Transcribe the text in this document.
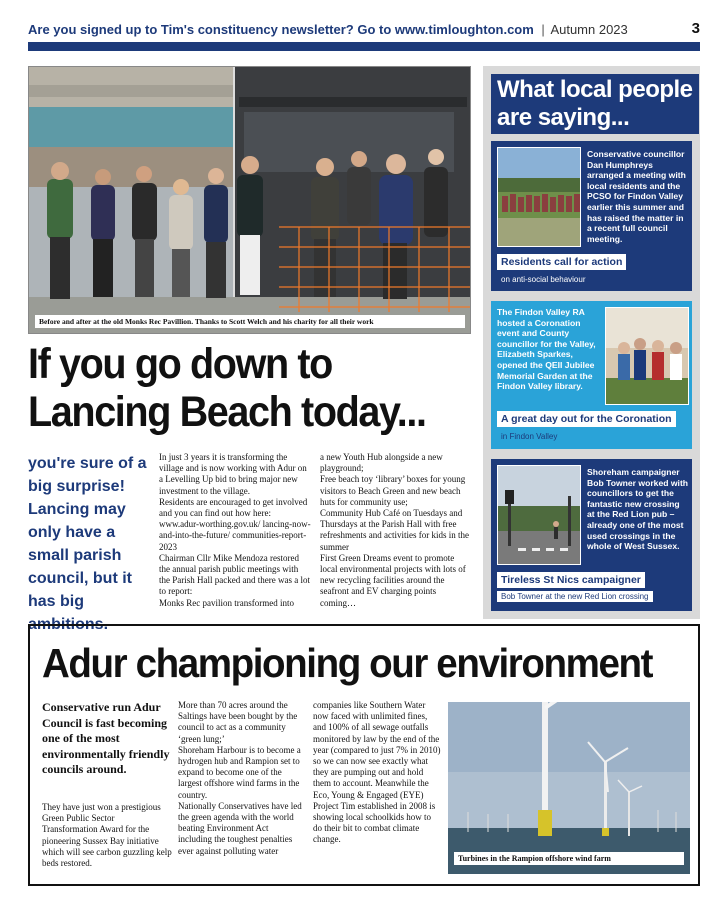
Are you signed up to Tim's constituency newsletter? Go to www.timloughton.com | Autumn 2023	3
Before and after at the old Monks Rec Pavillion. Thanks to Scott Welch and his charity for all their work
If you go down to
Lancing Beach today...
you're sure of a big surprise! Lancing may only have a small parish council, but it has big ambitions.

In just 3 years it is transforming the village and is now working with Adur on a Levelling Up bid to bring major new investment to the village.

Residents are encouraged to get involved and you can find out how here: www.adur-worthing.gov.uk/ lancing-now-and-into-the-future/ communities-report-2023

Chairman Cllr Mike Mendoza restored the annual parish public meetings with the Parish Hall packed and there was a lot to report:

Monks Rec pavilion transformed into

a new Youth Hub alongside a new playground;

Free beach toy ‘library’ boxes for young visitors to Beach Green and new beach huts for community use;

Community Hub Café on Tuesdays and Thursdays at the Parish Hall with free refreshments and activities for kids in the summer

First Green Dreams event to promote local environmental projects with lots of new recycling facilities around the seafront and EV charging points coming…

What local people
are saying...
Conservative councillor Dan Humphreys arranged a meeting with local residents and the PCSO for Findon Valley earlier this summer and has raised the matter in a recent full council meeting.
Residents call for action
on anti-social behaviour
The Findon Valley RA hosted a Coronation event and County councillor for the Valley, Elizabeth Sparkes, opened the QEII Jubilee Memorial Garden at the Findon Valley library.
A great day out for the Coronation
in Findon Valley
Shoreham campaigner Bob Towner worked with councillors to get the fantastic new crossing at the Red Lion pub – already one of the most used crossings in the whole of West Sussex.
Tireless St Nics campaigner
Bob Towner at the new Red Lion crossing
Adur championing our environment
Conservative run Adur Council is fast becoming one of the most environmentally friendly councils around.

They have just won a prestigious Green Public Sector Transformation Award for the pioneering Sussex Bay initiative which will see carbon guzzling kelp beds restored.

More than 70 acres around the Saltings have been bought by the council to act as a community ‘green lung;’

Shoreham Harbour is to become a hydrogen hub and Rampion set to expand to become one of the largest offshore wind farms in the country.

Nationally Conservatives have led the green agenda with the world beating Environment Act including the toughest penalties ever against polluting water

companies like Southern Water now faced with unlimited fines, and 100% of all sewage outfalls monitored by law by the end of the year (compared to just 7% in 2010) so we can now see exactly what they are pumping out and hold them to account. Meanwhile the Eco, Young & Engaged (EYE) Project Tim established in 2008 is showing local schoolkids how to do their bit to combat climate change.

Turbines in the Rampion offshore wind farm
